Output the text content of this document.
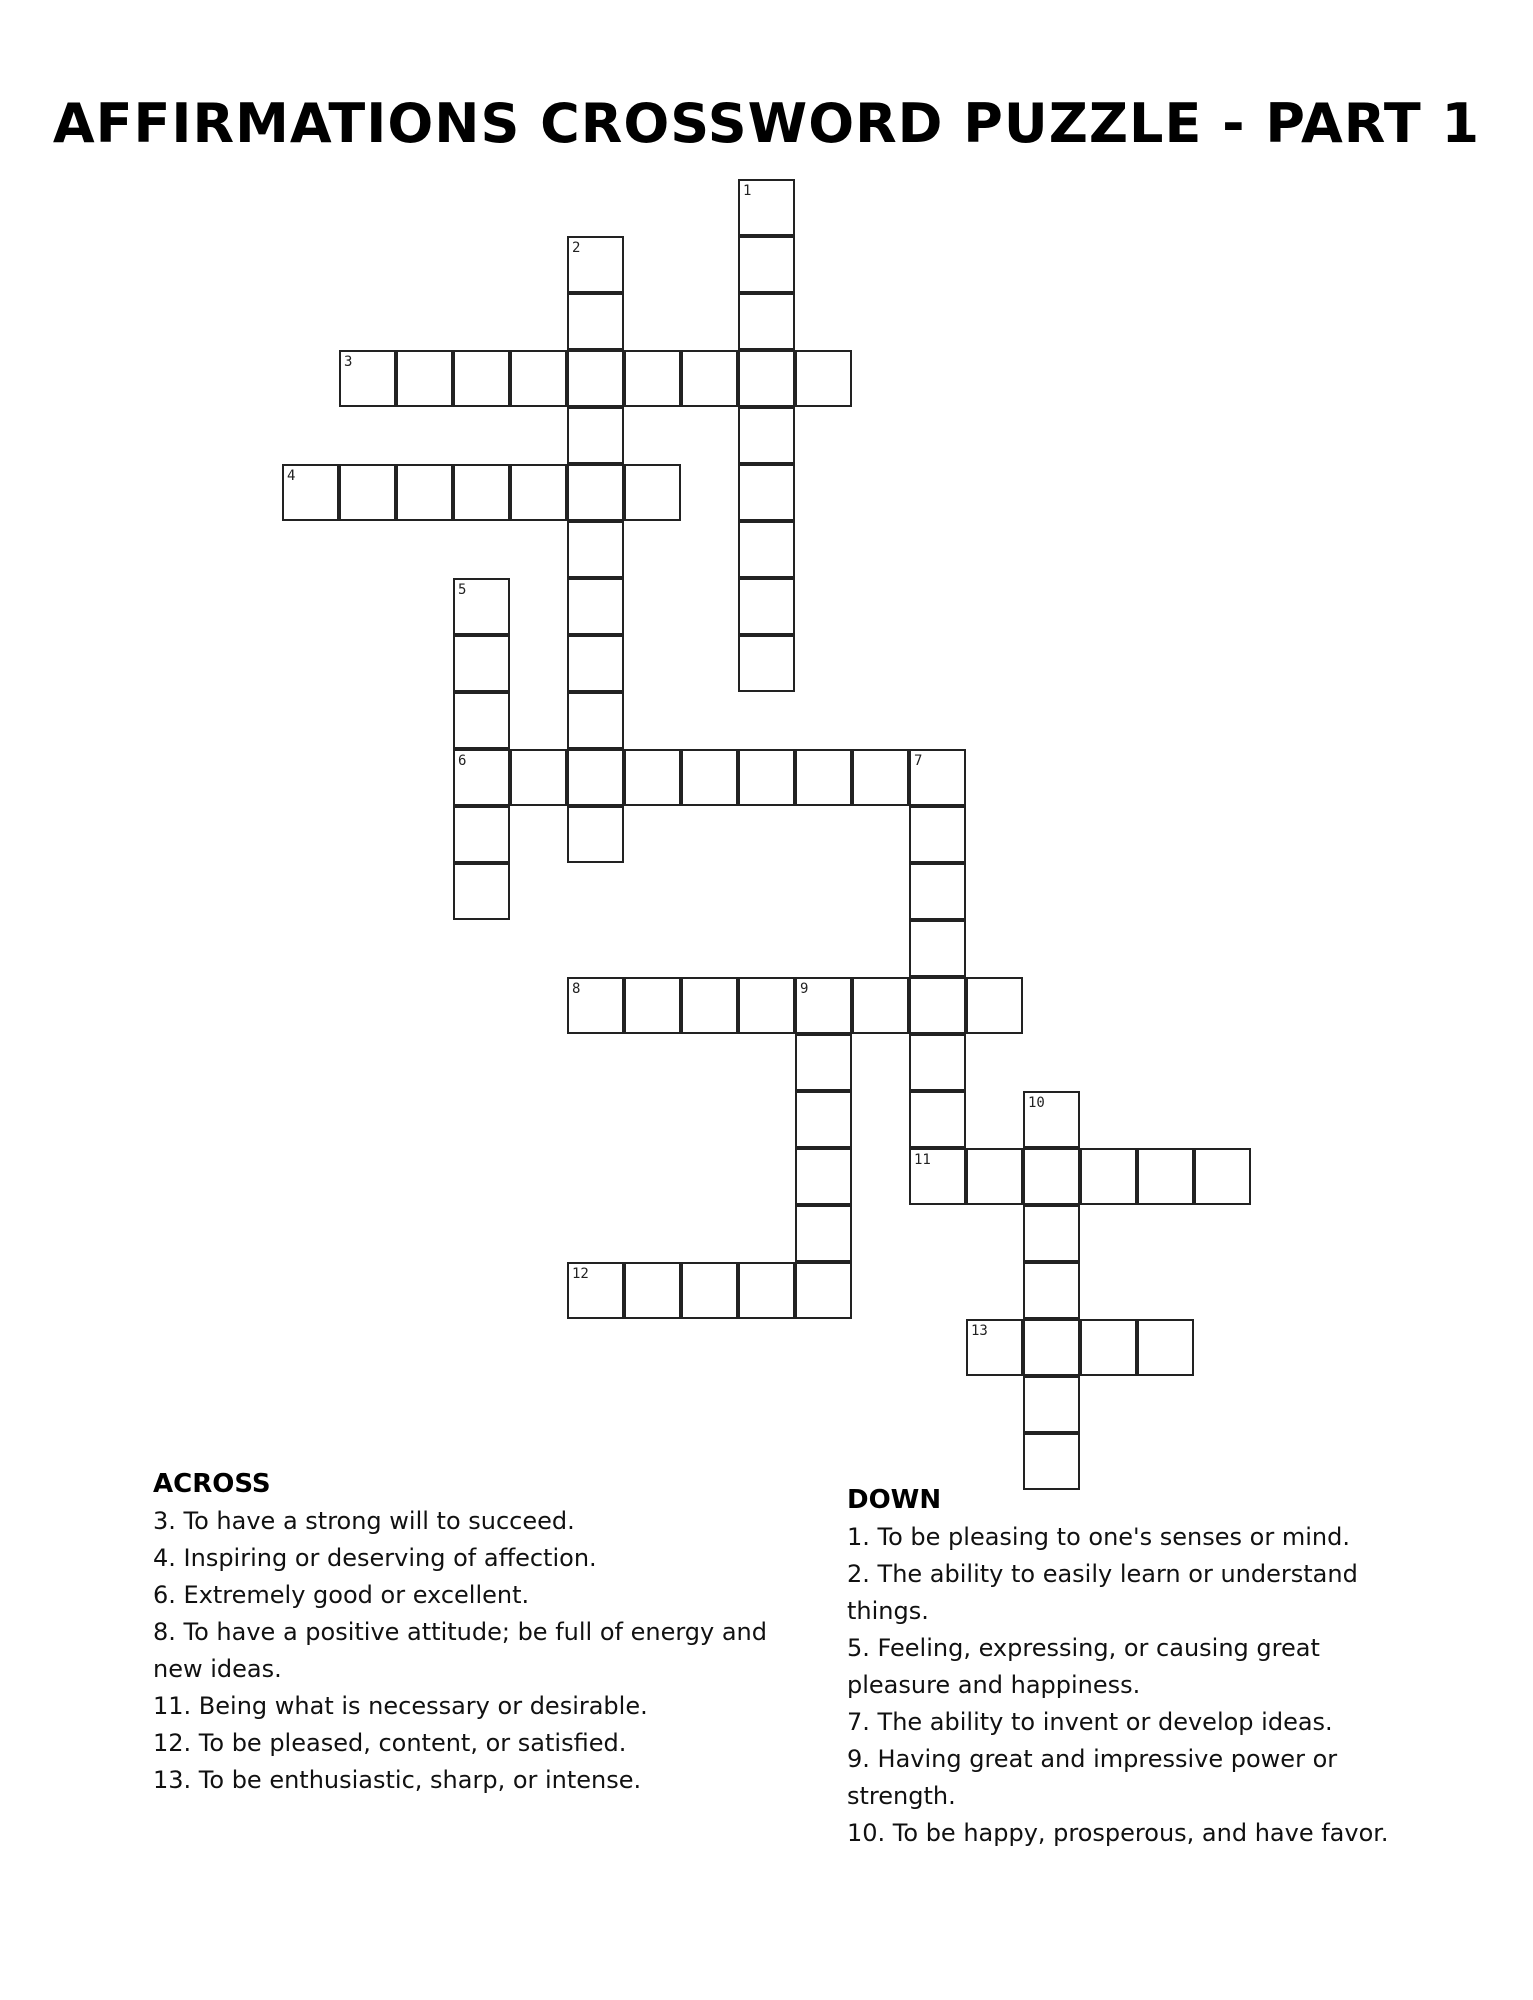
AFFIRMATIONS CROSSWORD PUZZLE - PART 1
1
2
3
4
5
6	7
8	9
10
11
12
13
ACROSS
3. To have a strong will to succeed.
4. Inspiring or deserving of affection.
6. Extremely good or excellent.
8. To have a positive attitude; be full of energy and new ideas.
11. Being what is necessary or desirable.
12. To be pleased, content, or satisfied.
13. To be enthusiastic, sharp, or intense.
DOWN
1. To be pleasing to one's senses or mind.
2. The ability to easily learn or understand things.
5. Feeling, expressing, or causing great pleasure and happiness.
7. The ability to invent or develop ideas.
9. Having great and impressive power or strength.
10. To be happy, prosperous, and have favor.
